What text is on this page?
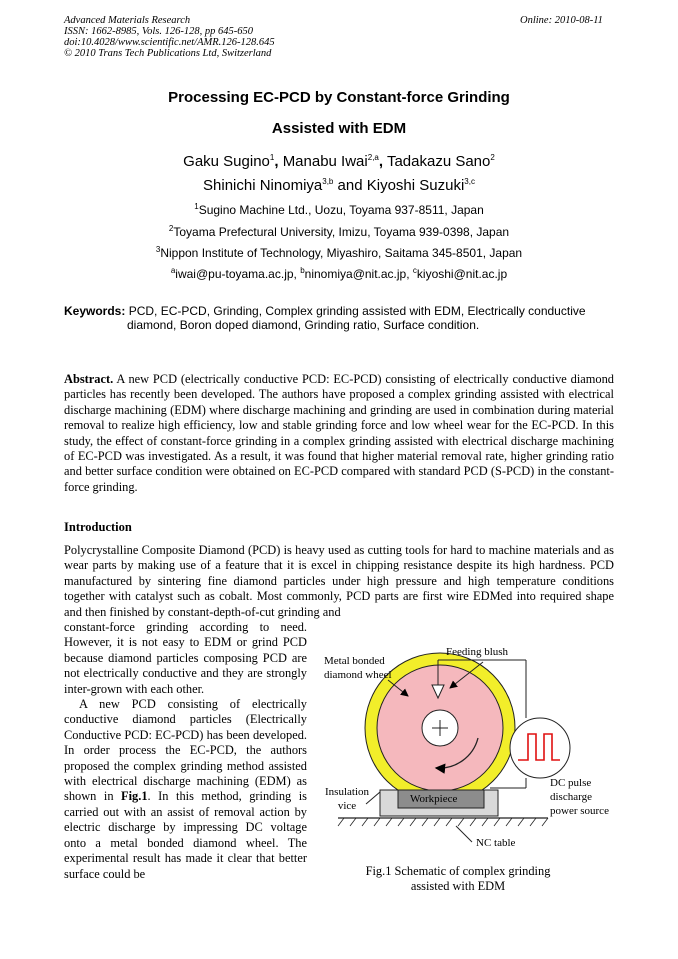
Advanced Materials Research
ISSN: 1662-8985, Vols. 126-128, pp 645-650
doi:10.4028/www.scientific.net/AMR.126-128.645
© 2010 Trans Tech Publications Ltd, Switzerland
Online: 2010-08-11
Processing EC-PCD by Constant-force Grinding
Assisted with EDM
Gaku Sugino$^1$, Manabu Iwai$^{2,a}$, Tadakazu Sano$^2$
Shinichi Ninomiya$^{3,b}$ and Kiyoshi Suzuki$^{3,c}$
$^1$Sugino Machine Ltd., Uozu, Toyama 937-8511, Japan
$^2$Toyama Prefectural University, Imizu, Toyama 939-0398, Japan
$^3$Nippon Institute of Technology, Miyashiro, Saitama 345-8501, Japan
$^a$iwai@pu-toyama.ac.jp, $^b$ninomiya@nit.ac.jp, $^c$kiyoshi@nit.ac.jp
Keywords: PCD, EC-PCD, Grinding, Complex grinding assisted with EDM, Electrically conductive
diamond, Boron doped diamond, Grinding ratio, Surface condition.
Abstract. A new PCD (electrically conductive PCD: EC-PCD) consisting of electrically conductive diamond particles has recently been developed. The authors have proposed a complex grinding assisted with electrical discharge machining (EDM) where discharge machining and grinding are used in combination during material removal to realize high efficiency, low and stable grinding force and low wheel wear for the EC-PCD. In this study, the effect of constant-force grinding in a complex grinding assisted with electrical discharge machining of EC-PCD was investigated. As a result, it was found that higher material removal rate, higher grinding ratio and better surface condition were obtained on EC-PCD compared with standard PCD (S-PCD) in the constant-force grinding.
Introduction
Polycrystalline Composite Diamond (PCD) is heavy used as cutting tools for hard to machine materials and as wear parts by making use of a feature that it is excel in chipping resistance despite its high hardness. PCD manufactured by sintering fine diamond particles under high pressure and high temperature conditions together with catalyst such as cobalt. Most commonly, PCD parts are first wire EDMed into required shape and then finished by constant-depth-of-cut grinding and
constant-force grinding according to need. However, it is not easy to EDM or grind PCD because diamond particles composing PCD are not electrically conductive and they are strongly inter-grown with each other.
A new PCD consisting of electrically conductive diamond particles (Electrically Conductive PCD: EC-PCD) has been developed. In order process the EC-PCD, the authors proposed the complex grinding method assisted with electrical discharge machining (EDM) as shown in Fig.1. In this method, grinding is carried out with an assist of removal action by electric discharge by impressing DC voltage onto a metal bonded diamond wheel. The experimental result has made it clear that better surface could be
Metal bonded
diamond wheel
Feeding blush
Insulation
vice
Workpiece
DC pulse
discharge
power source
NC table
Fig.1 Schematic of complex grinding
assisted with EDM
